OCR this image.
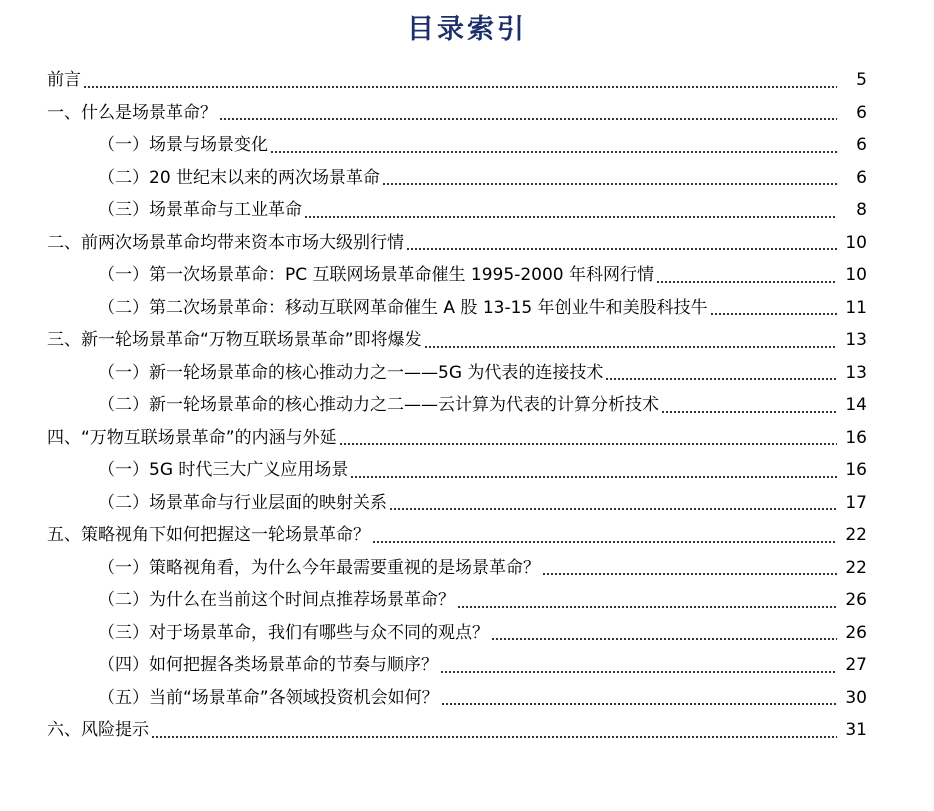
目录索引
前言	5
一、什么是场景革命？	6
（一）场景与场景变化	6
（二）20 世纪末以来的两次场景革命	6
（三）场景革命与工业革命	8
二、前两次场景革命均带来资本市场大级别行情	10
（一）第一次场景革命：PC 互联网场景革命催生 1995-2000 年科网行情	10
（二）第二次场景革命：移动互联网革命催生 A 股 13-15 年创业牛和美股科技牛	11
三、新一轮场景革命“万物互联场景革命”即将爆发	13
（一）新一轮场景革命的核心推动力之一——5G 为代表的连接技术	13
（二）新一轮场景革命的核心推动力之二——云计算为代表的计算分析技术	14
四、“万物互联场景革命”的内涵与外延	16
（一）5G 时代三大广义应用场景	16
（二）场景革命与行业层面的映射关系	17
五、策略视角下如何把握这一轮场景革命？	22
（一）策略视角看，为什么今年最需要重视的是场景革命？	22
（二）为什么在当前这个时间点推荐场景革命？	26
（三）对于场景革命，我们有哪些与众不同的观点？	26
（四）如何把握各类场景革命的节奏与顺序？	27
（五）当前“场景革命”各领域投资机会如何？	30
六、风险提示	31
